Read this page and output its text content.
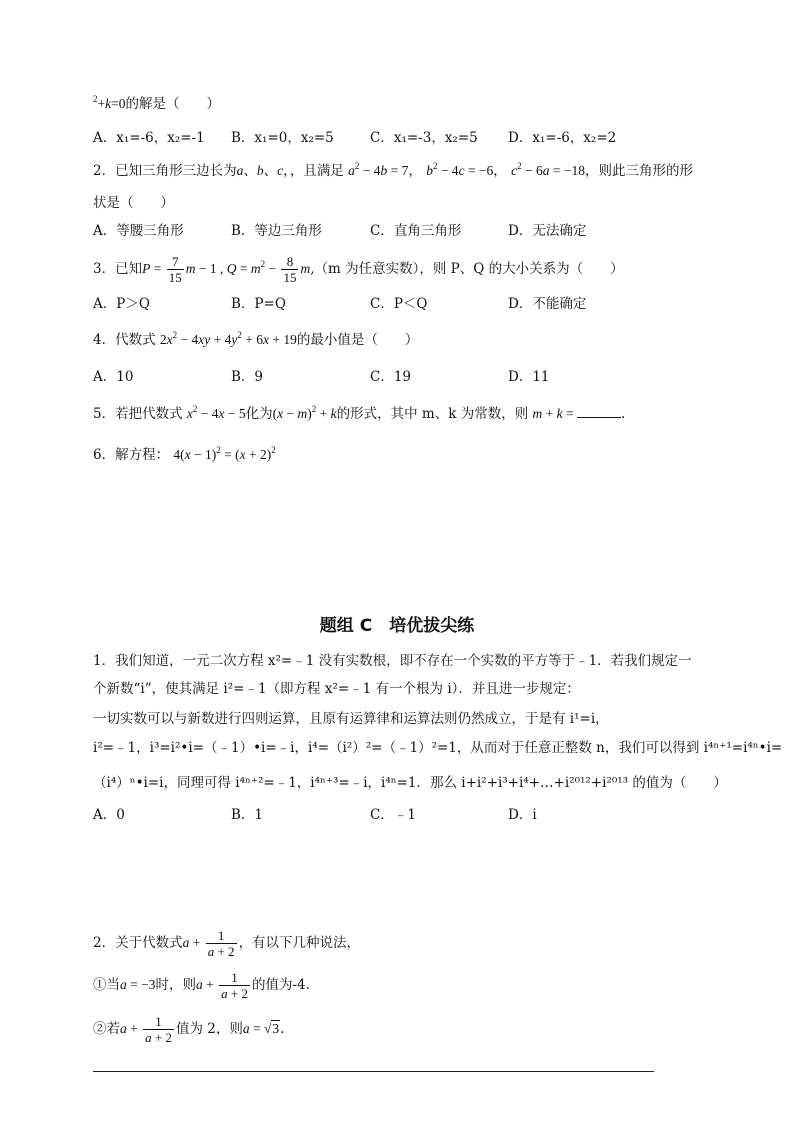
$^2$+k=0的解是（　　）
A．x₁=-6，x₂=-1 B．x₁=0，x₂=5	C．x₁=-3，x₂=5 D．x₁=-6，x₂=2
2．已知三角形三边长为a、b、c，，且满足 $a^2 - 4b = 7$， $b^2 - 4c = -6$， $c^2 - 6a = -18$，则此三角形的形
状是（　　）
A．等腰三角形	B．等边三角形	C．直角三角形	D．无法确定
3．已知$P = \frac{7}{15}$ m − 1 , $Q = m^2 - \frac{8}{15} m,(m$ 为任意实数），则 P、Q 的大小关系为（　　）
A．P＞Q	B．P=Q	C．P＜Q	D．不能确定
4．代数式 $2x^2 - 4xy + 4y^2 + 6x + 19$的最小值是（　　）
A．10	B．9	C．19	D．11
5．若把代数式 $x^2 - 4x - 5$化为$(x - m)^2 + k$的形式，其中 m、k 为常数，则 m + k =	.
6．解方程： $4(x - 1)^2 = (x + 2)^2$
题组 C　培优拔尖练
1．我们知道，一元二次方程 x²=﹣1 没有实数根，即不存在一个实数的平方等于﹣1．若我们规定一
个新数“i”，使其满足 i²=﹣1（即方程 x²=﹣1 有一个根为 i）．并且进一步规定：
一切实数可以与新数进行四则运算，且原有运算律和运算法则仍然成立，于是有 i¹=i，
i²=﹣1，i³=i²•i=（﹣1）•i=﹣i，i⁴=（i²）²=（﹣1）²=1，从而对于任意正整数 n，我们可以得到 i⁴ⁿ⁺¹=i⁴ⁿ•i=
（i⁴）ⁿ•i=i，同理可得 i⁴ⁿ⁺²=﹣1，i⁴ⁿ⁺³=﹣i，i⁴ⁿ=1．那么 i+i²+i³+i⁴+…+i²⁰¹²+i²⁰¹³ 的值为（　　）
A．0	B．1	C．﹣1	D．i
2．关于代数式$a + \frac{1}{a + 2}$ ，有以下几种说法，
①当a = −3时，则$a + \frac{1}{a + 2}$ 的值为-4.
②若$a + \frac{1}{a + 2}$ 值为 2，则a = √3.
